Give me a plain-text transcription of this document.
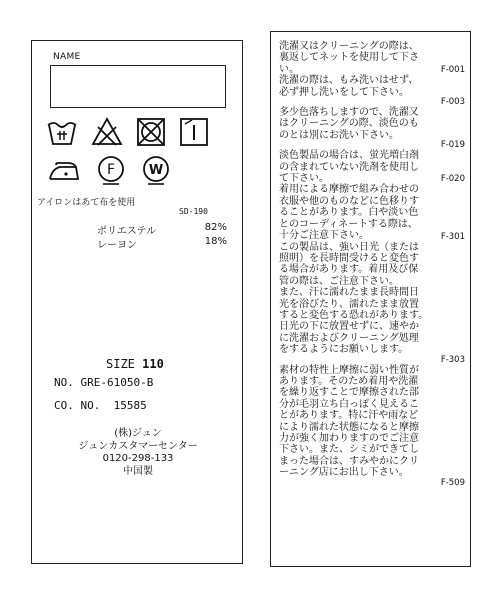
NAME
F	W
アイロンはあて布を使用
SD-190
ポリエステル	82%
レーヨン	18%
SIZE 110
NO. GRE-61050-B
CO. NO.  15585
(株)ジュン
ジュンカスタマーセンター
0120-298-133
中国製
洗濯又はクリーニングの際は、
裏返してネットを使用して下さ
い。	F-001
洗濯の際は、もみ洗いはせず、
必ず押し洗いをして下さい。
F-003
多少色落ちしますので、洗濯又
はクリーニングの際、淡色のも
のとは別にお洗い下さい。
F-019
淡色製品の場合は、蛍光増白剤
の含まれていない洗剤を使用し
て下さい。	F-020
着用による摩擦で組み合わせの
衣服や他のものなどに色移りす
ることがあります。白や淡い色
とのコーディネートする際は、
十分ご注意下さい。	F-301
この製品は、強い日光（または
照明）を長時間受けると変色す
る場合があります。着用及び保
管の際は、ご注意下さい。
また、汗に濡れたまま長時間日
光を浴びたり、濡れたまま放置
すると変色する恐れがあります。
日光の下に放置せずに、速やか
に洗濯およびクリーニング処理
をするようにお願いします。
F-303
素材の特性上摩擦に弱い性質が
あります。そのため着用や洗濯
を繰り返すことで摩擦された部
分が毛羽立ち白っぽく見えるこ
とがあります。特に汗や雨など
により濡れた状態になると摩擦
力が強く加わりますのでご注意
下さい。また、シミができてし
まった場合は、すみやかにクリ
ーニング店にお出し下さい。
F-509
